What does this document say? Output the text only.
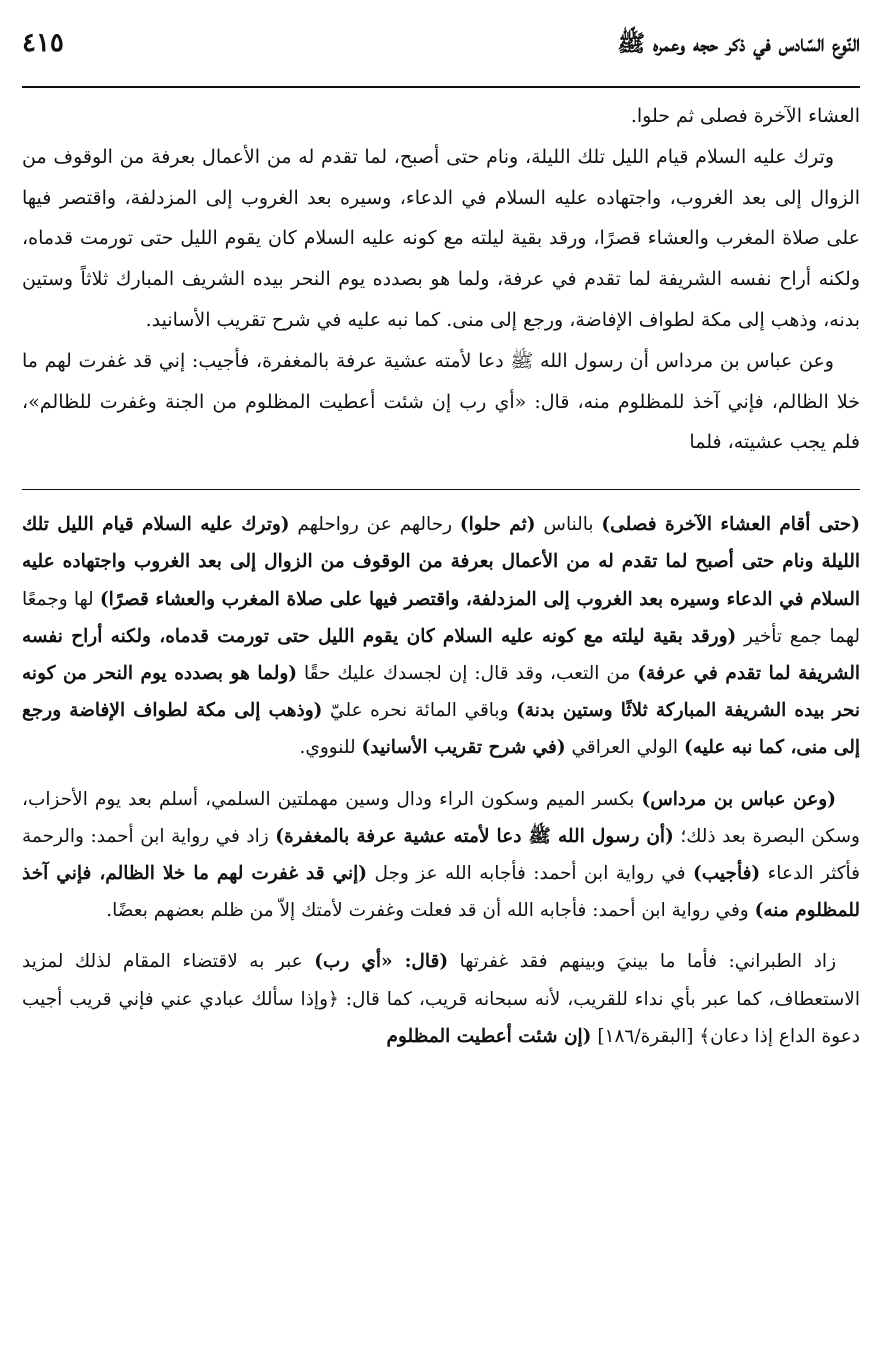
النّوع السّادس في ذكر حجه وعمره ﷺ
٤١٥

العشاء الآخرة فصلى ثم حلوا.

وترك عليه السلام قيام الليل تلك الليلة، ونام حتى أصبح، لما تقدم له من الأعمال بعرفة من الوقوف من الزوال إلى بعد الغروب، واجتهاده عليه السلام في الدعاء، وسيره بعد الغروب إلى المزدلفة، واقتصر فيها على صلاة المغرب والعشاء قصرًا، ورقد بقية ليلته مع كونه عليه السلام كان يقوم الليل حتى تورمت قدماه، ولكنه أراح نفسه الشريفة لما تقدم في عرفة، ولما هو بصدده يوم النحر بيده الشريف المبارك ثلاثاً وستين بدنه، وذهب إلى مكة لطواف الإفاضة، ورجع إلى منى. كما نبه عليه في شرح تقريب الأسانيد.

وعن عباس بن مرداس أن رسول الله ﷺ دعا لأمته عشية عرفة بالمغفرة، فأجيب: إني قد غفرت لهم ما خلا الظالم، فإني آخذ للمظلوم منه، قال: «أي رب إن شئت أعطيت المظلوم من الجنة وغفرت للظالم»، فلم يجب عشيته، فلما

(حتى أقام العشاء الآخرة فصلى) بالناس (ثم حلوا) رحالهم عن رواحلهم (وترك عليه السلام قيام الليل تلك الليلة ونام حتى أصبح لما تقدم له من الأعمال بعرفة من الوقوف من الزوال إلى بعد الغروب واجتهاده عليه السلام في الدعاء وسيره بعد الغروب إلى المزدلفة، واقتصر فيها على صلاة المغرب والعشاء قصرًا) لها وجمعًا لهما جمع تأخير (ورقد بقية ليلته مع كونه عليه السلام كان يقوم الليل حتى تورمت قدماه، ولكنه أراح نفسه الشريفة لما تقدم في عرفة) من التعب، وقد قال: إن لجسدك عليك حقًا (ولما هو بصدده يوم النحر من كونه نحر بيده الشريفة المباركة ثلاثًا وستين بدنة) وباقي المائة نحره عليّ (وذهب إلى مكة لطواف الإفاضة ورجع إلى منى، كما نبه عليه) الولي العراقي (في شرح تقريب الأسانيد) للنووي.

(وعن عباس بن مرداس) بكسر الميم وسكون الراء ودال وسين مهملتين السلمي، أسلم بعد يوم الأحزاب، وسكن البصرة بعد ذلك؛ (أن رسول الله ﷺ دعا لأمته عشية عرفة بالمغفرة) زاد في رواية ابن أحمد: والرحمة فأكثر الدعاء (فأجيب) في رواية ابن أحمد: فأجابه الله عز وجل (إني قد غفرت لهم ما خلا الظالم، فإني آخذ للمظلوم منه) وفي رواية ابن أحمد: فأجابه الله أن قد فعلت وغفرت لأمتك إلاّ من ظلم بعضهم بعضًا.

زاد الطبراني: فأما ما بينيَ وبينهم فقد غفرتها (قال: «أي رب) عبر به لاقتضاء المقام لذلك لمزيد الاستعطاف، كما عبر بأي نداء للقريب، لأنه سبحانه قريب، كما قال: ﴿وإذا سألك عبادي عني فإني قريب أجيب دعوة الداع إذا دعان﴾ [البقرة/١٨٦] (إن شئت أعطيت المظلوم
